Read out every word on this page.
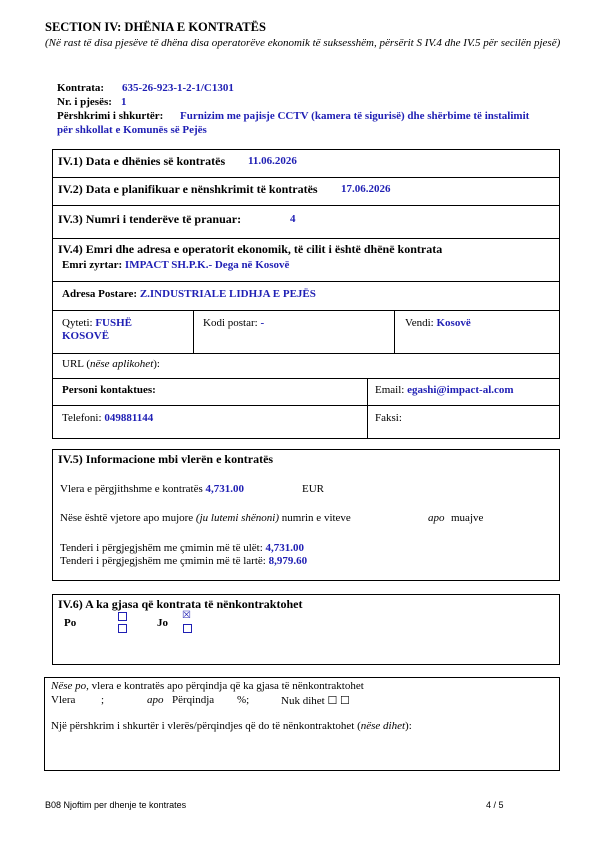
SECTION IV: DHËNIA E KONTRATËS
(Në rast të disa pjesëve të dhëna disa operatorëve ekonomik të suksesshëm, përsërit S IV.4 dhe IV.5 për secilën pjesë)
Kontrata: 635-26-923-1-2-1/C1301
Nr. i pjesës: 1
Përshkrimi i shkurtër: Furnizim me pajisje CCTV (kamera të sigurisë) dhe shërbime të instalimit
për shkollat e Komunës së Pejës
IV.1) Data e dhënies së kontratës 11.06.2026
IV.2) Data e planifikuar e nënshkrimit të kontratës 17.06.2026
IV.3) Numri i tenderëve të pranuar:	4
IV.4) Emri dhe adresa e operatorit ekonomik, të cilit i është dhënë kontrata
Emri zyrtar: IMPACT SH.P.K.- Dega në Kosovë
Adresa Postare: Z.INDUSTRIALE LIDHJA E PEJËS
Qyteti: FUSHË
KOSOVË
Kodi postar: -	Vendi: Kosovë
URL (nëse aplikohet):
Personi kontaktues:	Email: egashi@impact-al.com
Telefoni: 049881144	Faksi:
IV.5) Informacione mbi vlerën e kontratës
Vlera e përgjithshme e kontratës 4,731.00	EUR
Nëse është vjetore apo mujore (ju lutemi shënoni) numrin e viteve	apo muajve
Tenderi i përgjegjshëm me çmimin më të ulët: 4,731.00
Tenderi i përgjegjshëm me çmimin më të lartë: 8,979.60
IV.6) A ka gjasa që kontrata të nënkontraktohet
Po	Jo
☒
Nëse po, vlera e kontratës apo përqindja që ka gjasa të nënkontraktohet
Vlera ;	apo Përqindja %;	Nuk dihet ☐ ☐
Një përshkrim i shkurtër i vlerës/përqindjes që do të nënkontraktohet (nëse dihet):
B08 Njoftim per dhenje te kontrates	4 / 5
